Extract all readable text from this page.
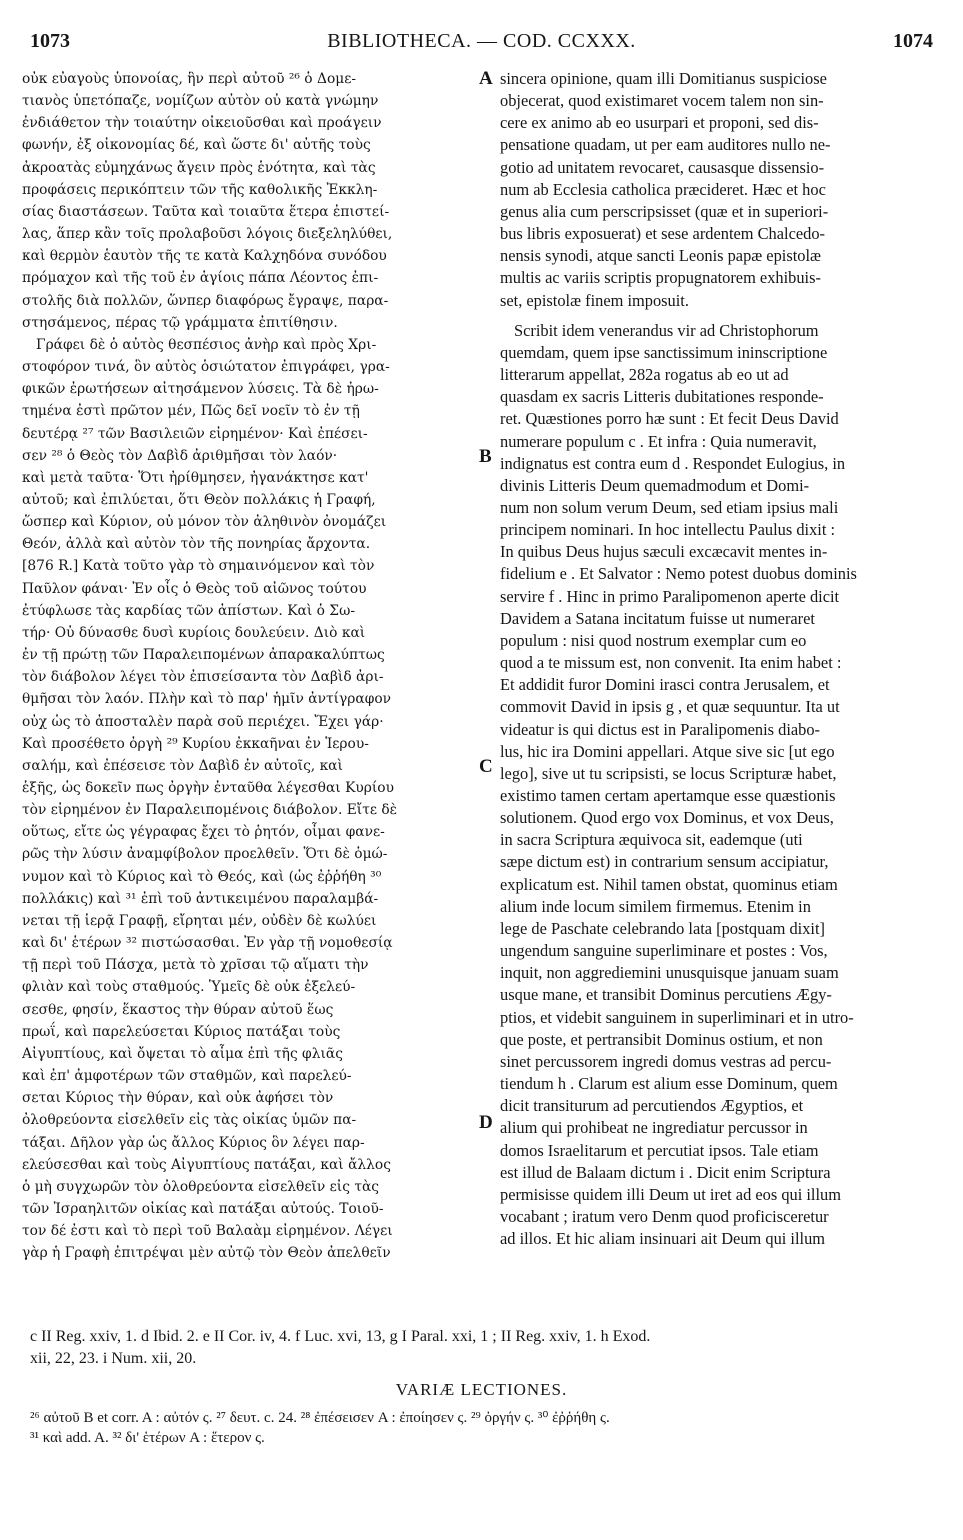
1073	BIBLIOTHECA. — COD. CCXXX.	1074
οὐκ εὐαγοὺς ὑπονοίας, ἣν περὶ αὐτοῦ ²⁶ ὁ Δομε-
τιανὸς ὑπετόπαζε, νομίζων αὐτὸν οὐ κατὰ γνώμην
ἐνδιάθετον τὴν τοιαύτην οἰκειοῦσθαι καὶ προάγειν
φωνήν, ἐξ οἰκονομίας δέ, καὶ ὥστε δι' αὐτῆς τοὺς
ἀκροατὰς εὐμηχάνως ἄγειν πρὸς ἑνότητα, καὶ τὰς
προφάσεις περικόπτειν τῶν τῆς καθολικῆς Ἐκκλη-
σίας διαστάσεων. Ταῦτα καὶ τοιαῦτα ἕτερα ἐπιστεί-
λας, ἅπερ κἂν τοῖς προλαβοῦσι λόγοις διεξεληλύθει,
καὶ θερμὸν ἑαυτὸν τῆς τε κατὰ Καλχηδόνα συνόδου
πρόμαχον καὶ τῆς τοῦ ἐν ἁγίοις πάπα Λέοντος ἐπι-
στολῆς διὰ πολλῶν, ὥνπερ διαφόρως ἔγραψε, παρα-
στησάμενος, πέρας τῷ γράμματα ἐπιτίθησιν.
Γράφει δὲ ὁ αὐτὸς θεσπέσιος ἀνὴρ καὶ πρὸς Χρι-
στοφόρον τινά, ὃν αὐτὸς ὁσιώτατον ἐπιγράφει, γρα-
φικῶν ἐρωτήσεων αἰτησάμενον λύσεις. Τὰ δὲ ἠρω-
τημένα ἐστὶ πρῶτον μέν, Πῶς δεῖ νοεῖν τὸ ἐν τῇ
δευτέρᾳ ²⁷ τῶν Βασιλειῶν εἰρημένον· Καὶ ἐπέσει-
σεν ²⁸ ὁ Θεὸς τὸν Δαβὶδ ἀριθμῆσαι τὸν λαόν·
καὶ μετὰ ταῦτα· Ὅτι ἠρίθμησεν, ἠγανάκτησε κατ'
αὐτοῦ; καὶ ἐπιλύεται, ὅτι Θεὸν πολλάκις ἡ Γραφή,
ὥσπερ καὶ Κύριον, οὐ μόνον τὸν ἀληθινὸν ὀνομάζει
Θεόν, ἀλλὰ καὶ αὐτὸν τὸν τῆς πονηρίας ἄρχοντα.
[876 R.] Κατὰ τοῦτο γὰρ τὸ σημαινόμενον καὶ τὸν
Παῦλον φάναι· Ἐν οἷς ὁ Θεὸς τοῦ αἰῶνος τούτου
ἐτύφλωσε τὰς καρδίας τῶν ἀπίστων. Καὶ ὁ Σω-
τήρ· Οὐ δύνασθε δυσὶ κυρίοις δουλεύειν. Διὸ καὶ
ἐν τῇ πρώτῃ τῶν Παραλειπομένων ἀπαρακαλύπτως
τὸν διάβολον λέγει τὸν ἐπισείσαντα τὸν Δαβὶδ ἀρι-
θμῆσαι τὸν λαόν. Πλὴν καὶ τὸ παρ' ἡμῖν ἀντίγραφον
οὐχ ὡς τὸ ἀποσταλὲν παρὰ σοῦ περιέχει. Ἔχει γάρ·
Καὶ προσέθετο ὀργὴ ²⁹ Κυρίου ἐκκαῆναι ἐν Ἱερου-
σαλήμ, καὶ ἐπέσεισε τὸν Δαβὶδ ἐν αὐτοῖς, καὶ
ἑξῆς, ὡς δοκεῖν πως ὀργὴν ἐνταῦθα λέγεσθαι Κυρίου
τὸν εἰρημένον ἐν Παραλειπομένοις διάβολον. Εἴτε δὲ
οὕτως, εἴτε ὡς γέγραφας ἔχει τὸ ῥητόν, οἶμαι φανε-
ρῶς τὴν λύσιν ἀναμφίβολον προελθεῖν. Ὅτι δὲ ὁμώ-
νυμον καὶ τὸ Κύριος καὶ τὸ Θεός, καὶ (ὡς ἐῤῥήθη ³⁰
πολλάκις) καὶ ³¹ ἐπὶ τοῦ ἀντικειμένου παραλαμβά-
νεται τῇ ἱερᾷ Γραφῇ, εἴρηται μέν, οὐδὲν δὲ κωλύει
καὶ δι' ἑτέρων ³² πιστώσασθαι. Ἐν γὰρ τῇ νομοθεσίᾳ
τῇ περὶ τοῦ Πάσχα, μετὰ τὸ χρῖσαι τῷ αἵματι τὴν
φλιὰν καὶ τοὺς σταθμούς. Ὑμεῖς δὲ οὐκ ἐξελεύ-
σεσθε, φησίν, ἕκαστος τὴν θύραν αὐτοῦ ἕως
πρωΐ, καὶ παρελεύσεται Κύριος πατάξαι τοὺς
Αἰγυπτίους, καὶ ὄψεται τὸ αἷμα ἐπὶ τῆς φλιᾶς
καὶ ἐπ' ἀμφοτέρων τῶν σταθμῶν, καὶ παρελεύ-
σεται Κύριος τὴν θύραν, καὶ οὐκ ἀφήσει τὸν
ὀλοθρεύοντα εἰσελθεῖν εἰς τὰς οἰκίας ὑμῶν πα-
τάξαι. Δῆλον γὰρ ὡς ἄλλος Κύριος ὃν λέγει παρ-
ελεύσεσθαι καὶ τοὺς Αἰγυπτίους πατάξαι, καὶ ἄλλος
ὁ μὴ συγχωρῶν τὸν ὀλοθρεύοντα εἰσελθεῖν εἰς τὰς
τῶν Ἰσραηλιτῶν οἰκίας καὶ πατάξαι αὐτούς. Τοιοῦ-
τον δέ ἐστι καὶ τὸ περὶ τοῦ Βαλαὰμ εἰρημένον. Λέγει
γὰρ ἡ Γραφὴ ἐπιτρέψαι μὲν αὐτῷ τὸν Θεὸν ἀπελθεῖν
sincera opinione, quam illi Domitianus suspiciose
objecerat, quod existimaret vocem talem non sin-
cere ex animo ab eo usurpari et proponi, sed dis-
pensatione quadam, ut per eam auditores nullo ne-
gotio ad unitatem revocaret, causasque dissensio-
num ab Ecclesia catholica præcideret. Hæc et hoc
genus alia cum perscripsisset (quæ et in superiori-
bus libris exposuerat) et sese ardentem Chalcedo-
nensis synodi, atque sancti Leonis papæ epistolæ
multis ac variis scriptis propugnatorem exhibuis-
set, epistolæ finem imposuit.
Scribit idem venerandus vir ad Christophorum
quemdam, quem ipse sanctissimum ininscriptione
litterarum appellat, 282a rogatus ab eo ut ad
quasdam ex sacris Litteris dubitationes responde-
ret. Quæstiones porro hæ sunt : Et fecit Deus David
numerare populum c . Et infra : Quia numeravit,
indignatus est contra eum d . Respondet Eulogius, in
divinis Litteris Deum quemadmodum et Domi-
num non solum verum Deum, sed etiam ipsius mali
principem nominari. In hoc intellectu Paulus dixit :
In quibus Deus hujus sæculi excæcavit mentes in-
fidelium e . Et Salvator : Nemo potest duobus dominis
servire f . Hinc in primo Paralipomenon aperte dicit
Davidem a Satana incitatum fuisse ut numeraret
populum : nisi quod nostrum exemplar cum eo
quod a te missum est, non convenit. Ita enim habet :
Et addidit furor Domini irasci contra Jerusalem, et
commovit David in ipsis g , et quæ sequuntur. Ita ut
videatur is qui dictus est in Paralipomenis diabo-
lus, hic ira Domini appellari. Atque sive sic [ut ego
lego], sive ut tu scripsisti, se locus Scripturæ habet,
existimo tamen certam apertamque esse quæstionis
solutionem. Quod ergo vox Dominus, et vox Deus,
in sacra Scriptura æquivoca sit, eademque (uti
sæpe dictum est) in contrarium sensum accipiatur,
explicatum est. Nihil tamen obstat, quominus etiam
alium inde locum similem firmemus. Etenim in
lege de Paschate celebrando lata [postquam dixit]
ungendum sanguine superliminare et postes : Vos,
inquit, non aggrediemini unusquisque januam suam
usque mane, et transibit Dominus percutiens Ægy-
ptios, et videbit sanguinem in superliminari et in utro-
que poste, et pertransibit Dominus ostium, et non
sinet percussorem ingredi domus vestras ad percu-
tiendum h . Clarum est alium esse Dominum, quem
dicit transiturum ad percutiendos Ægyptios, et
alium qui prohibeat ne ingrediatur percussor in
domos Israelitarum et percutiat ipsos. Tale etiam
est illud de Balaam dictum i . Dicit enim Scriptura
permisisse quidem illi Deum ut iret ad eos qui illum
vocabant ; iratum vero Denm quod proficisceretur
ad illos. Et hic aliam insinuari ait Deum qui illum
A
B
C
D
c II Reg. xxiv, 1. d Ibid. 2. e II Cor. iv, 4. f Luc. xvi, 13, g I Paral. xxi, 1 ; II Reg. xxiv, 1. h Exod.
xii, 22, 23. i Num. xii, 20.
VARIÆ LECTIONES.
²⁶ αὐτοῦ B et corr. A : αὐτόν ς. ²⁷ δευτ. c. 24. ²⁸ ἐπέσεισεν A : ἐποίησεν ς. ²⁹ ὀργήν ς. ³⁰ ἐῤῥήθη ς.
³¹ καὶ add. A. ³² δι' ἑτέρων A : ἕτερον ς.
